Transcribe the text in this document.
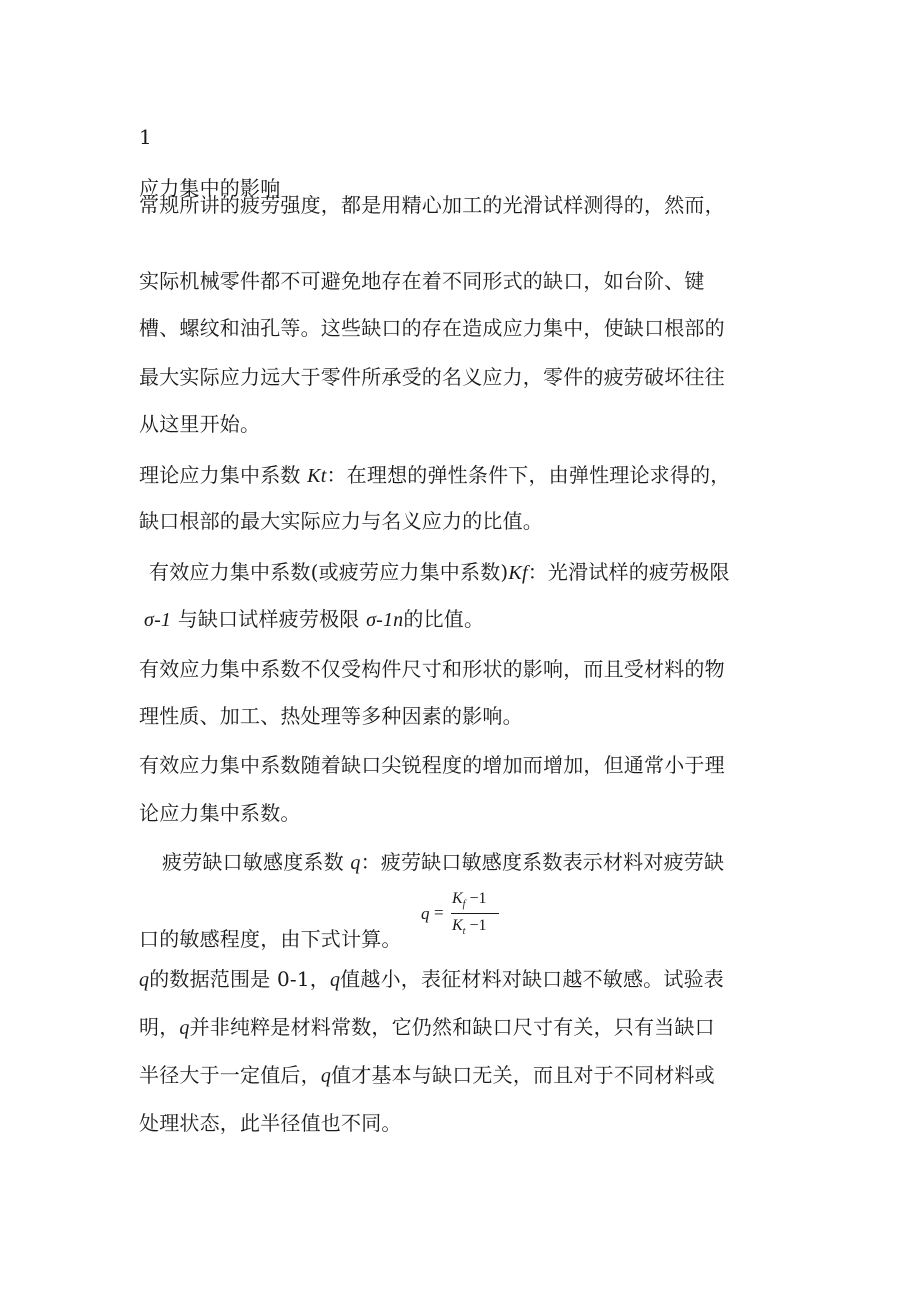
1
应力集中的影响
常规所讲的疲劳强度，都是用精心加工的光滑试样测得的，然而，
实际机械零件都不可避免地存在着不同形式的缺口，如台阶、键
槽、螺纹和油孔等。这些缺口的存在造成应力集中，使缺口根部的
最大实际应力远大于零件所承受的名义应力，零件的疲劳破坏往往
从这里开始。
理论应力集中系数 Kt：在理想的弹性条件下，由弹性理论求得的，
缺口根部的最大实际应力与名义应力的比值。
有效应力集中系数(或疲劳应力集中系数)Kf：光滑试样的疲劳极限
σ-1 与缺口试样疲劳极限 σ-1n的比值。
有效应力集中系数不仅受构件尺寸和形状的影响，而且受材料的物
理性质、加工、热处理等多种因素的影响。
有效应力集中系数随着缺口尖锐程度的增加而增加，但通常小于理
论应力集中系数。
疲劳缺口敏感度系数 q：疲劳缺口敏感度系数表示材料对疲劳缺
口的敏感程度，由下式计算。
q =
$K_f -1$
$K_t -1$
q的数据范围是 0-1，q值越小，表征材料对缺口越不敏感。试验表
明，q并非纯粹是材料常数，它仍然和缺口尺寸有关，只有当缺口
半径大于一定值后，q值才基本与缺口无关，而且对于不同材料或
处理状态，此半径值也不同。
